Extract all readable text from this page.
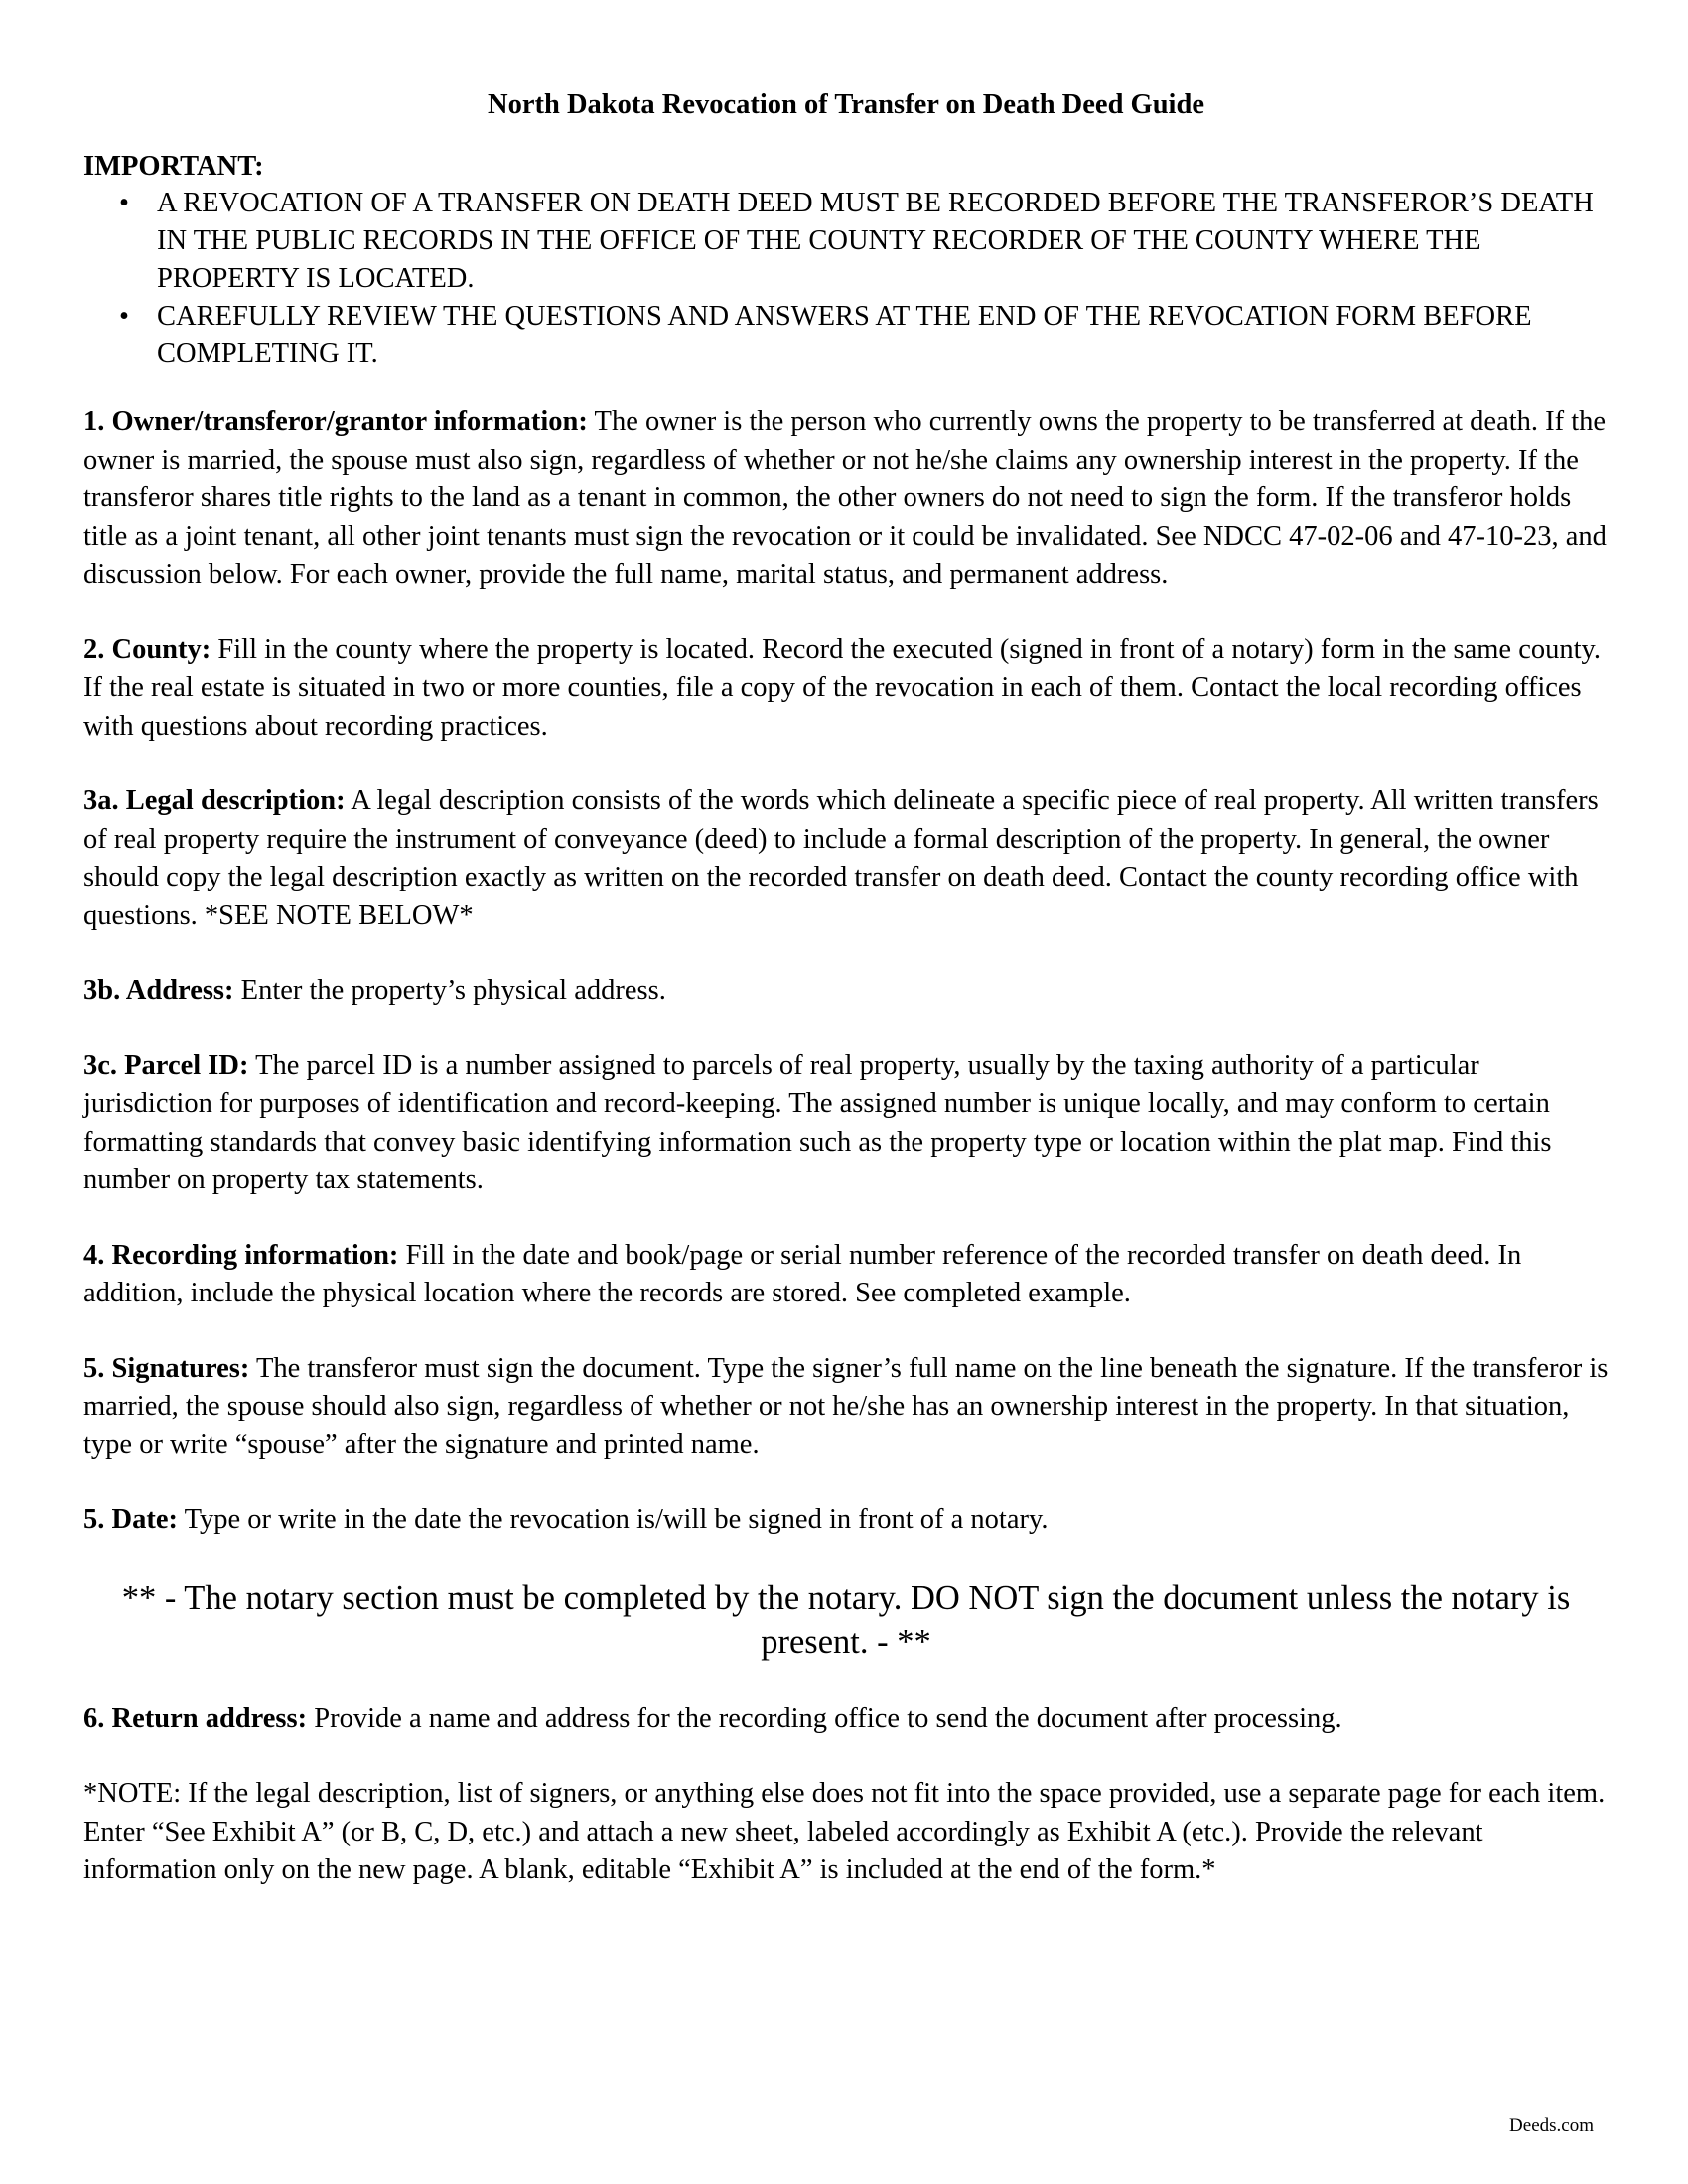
North Dakota Revocation of Transfer on Death Deed Guide
IMPORTANT:
• A REVOCATION OF A TRANSFER ON DEATH DEED MUST BE RECORDED BEFORE THE TRANSFEROR’S DEATH IN THE PUBLIC RECORDS IN THE OFFICE OF THE COUNTY RECORDER OF THE COUNTY WHERE THE PROPERTY IS LOCATED.
• CAREFULLY REVIEW THE QUESTIONS AND ANSWERS AT THE END OF THE REVOCATION FORM BEFORE COMPLETING IT.

1. Owner/transferor/grantor information: The owner is the person who currently owns the property to be transferred at death. If the owner is married, the spouse must also sign, regardless of whether or not he/she claims any ownership interest in the property. If the transferor shares title rights to the land as a tenant in common, the other owners do not need to sign the form. If the transferor holds title as a joint tenant, all other joint tenants must sign the revocation or it could be invalidated. See NDCC 47-02-06 and 47-10-23, and discussion below. For each owner, provide the full name, marital status, and permanent address.

2. County: Fill in the county where the property is located. Record the executed (signed in front of a notary) form in the same county. If the real estate is situated in two or more counties, file a copy of the revocation in each of them. Contact the local recording offices with questions about recording practices.

3a. Legal description: A legal description consists of the words which delineate a specific piece of real property. All written transfers of real property require the instrument of conveyance (deed) to include a formal description of the property. In general, the owner should copy the legal description exactly as written on the recorded transfer on death deed. Contact the county recording office with questions. *SEE NOTE BELOW*

3b. Address: Enter the property’s physical address.

3c. Parcel ID: The parcel ID is a number assigned to parcels of real property, usually by the taxing authority of a particular jurisdiction for purposes of identification and record-keeping. The assigned number is unique locally, and may conform to certain formatting standards that convey basic identifying information such as the property type or location within the plat map. Find this number on property tax statements.

4. Recording information: Fill in the date and book/page or serial number reference of the recorded transfer on death deed. In addition, include the physical location where the records are stored. See completed example.

5. Signatures: The transferor must sign the document. Type the signer’s full name on the line beneath the signature. If the transferor is married, the spouse should also sign, regardless of whether or not he/she has an ownership interest in the property. In that situation, type or write “spouse” after the signature and printed name.

5. Date: Type or write in the date the revocation is/will be signed in front of a notary.

** - The notary section must be completed by the notary. DO NOT sign the document unless the notary is present. - **

6. Return address: Provide a name and address for the recording office to send the document after processing.

*NOTE: If the legal description, list of signers, or anything else does not fit into the space provided, use a separate page for each item. Enter “See Exhibit A” (or B, C, D, etc.) and attach a new sheet, labeled accordingly as Exhibit A (etc.). Provide the relevant information only on the new page. A blank, editable “Exhibit A” is included at the end of the form.*

Deeds.com
